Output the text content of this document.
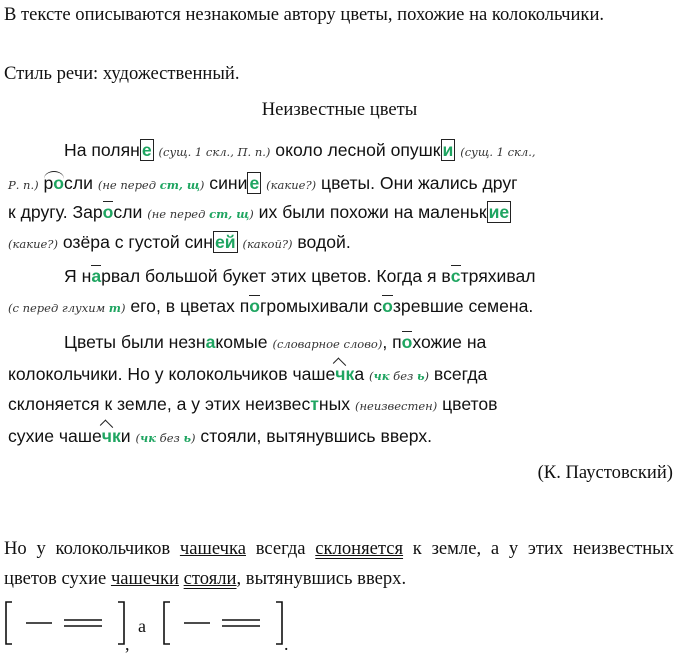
В тексте описываются незнакомые автору цветы, похожие на колокольчики.
Стиль речи: художественный.
Неизвестные цветы
На полян е (сущ. 1 скл., П. п.) около лесной опушк и (сущ. 1 скл.,
Р. п.) росли (не перед ст, щ) сини е (какие?) цветы. Они жались друг
к другу. Заросли (не перед ст, щ) их были похожи на маленьк ие
(какие?) озёра с густой син ей (какой?) водой.
Я нарвал большой букет этих цветов. Когда я встряхивал
(с перед глухим т) его, в цветах погромыхивали созревшие семена.
Цветы были незнакомые (словарное слово), похожие на
колокольчики. Но у колокольчиков чашечка (чк без ь) всегда
склоняется к земле, а у этих неизвестных (неизвестен) цветов
сухие чашечки (чк без ь) стояли, вытянувшись вверх.
(К. Паустовский)
Но у колокольчиков чашечка всегда склоняется к земле, а у этих неизвестных цветов сухие чашечки стояли, вытянувшись вверх.
,
а
.
